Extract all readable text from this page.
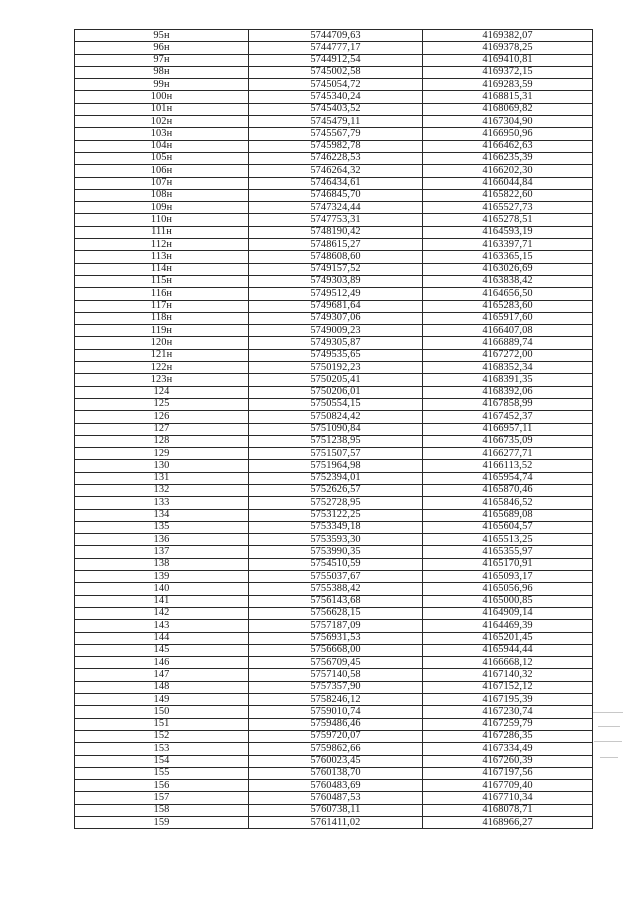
95н	5744709,63	4169382,07
96н	5744777,17	4169378,25
97н	5744912,54	4169410,81
98н	5745002,58	4169372,15
99н	5745054,72	4169283,59
100н	5745340,24	4168815,31
101н	5745403,52	4168069,82
102н	5745479,11	4167304,90
103н	5745567,79	4166950,96
104н	5745982,78	4166462,63
105н	5746228,53	4166235,39
106н	5746264,32	4166202,30
107н	5746434,61	4166044,84
108н	5746845,70	4165822,60
109н	5747324,44	4165527,73
110н	5747753,31	4165278,51
111н	5748190,42	4164593,19
112н	5748615,27	4163397,71
113н	5748608,60	4163365,15
114н	5749157,52	4163026,69
115н	5749303,89	4163838,42
116н	5749512,49	4164656,50
117н	5749681,64	4165283,60
118н	5749307,06	4165917,60
119н	5749009,23	4166407,08
120н	5749305,87	4166889,74
121н	5749535,65	4167272,00
122н	5750192,23	4168352,34
123н	5750205,41	4168391,35
124	5750206,01	4168392,06
125	5750554,15	4167858,99
126	5750824,42	4167452,37
127	5751090,84	4166957,11
128	5751238,95	4166735,09
129	5751507,57	4166277,71
130	5751964,98	4166113,52
131	5752394,01	4165954,74
132	5752626,57	4165870,46
133	5752728,95	4165846,52
134	5753122,25	4165689,08
135	5753349,18	4165604,57
136	5753593,30	4165513,25
137	5753990,35	4165355,97
138	5754510,59	4165170,91
139	5755037,67	4165093,17
140	5755388,42	4165056,96
141	5756143,68	4165000,85
142	5756628,15	4164909,14
143	5757187,09	4164469,39
144	5756931,53	4165201,45
145	5756668,00	4165944,44
146	5756709,45	4166668,12
147	5757140,58	4167140,32
148	5757357,90	4167152,12
149	5758246,12	4167195,39
150	5759010,74	4167230,74
151	5759486,46	4167259,79
152	5759720,07	4167286,35
153	5759862,66	4167334,49
154	5760023,45	4167260,39
155	5760138,70	4167197,56
156	5760483,69	4167709,40
157	5760487,53	4167710,34
158	5760738,11	4168078,71
159	5761411,02	4168966,27
